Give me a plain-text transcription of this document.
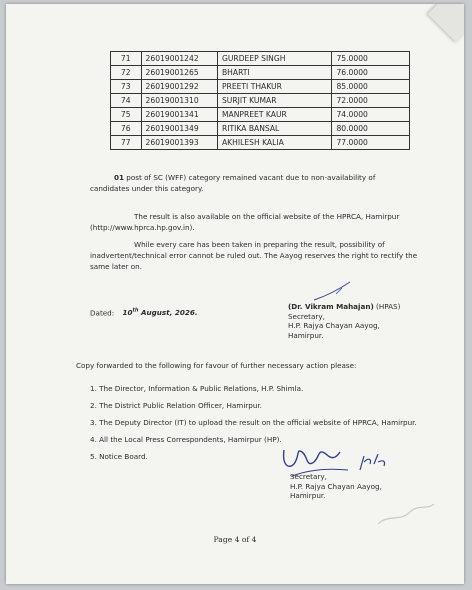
71	26019001242	GURDEEP SINGH	75.0000
72	26019001265	BHARTI	76.0000
73	26019001292	PREETI THAKUR	85.0000
74	26019001310	SURJIT KUMAR	72.0000
75	26019001341	MANPREET KAUR	74.0000
76	26019001349	RITIKA BANSAL	80.0000
77	26019001393	AKHILESH KALIA	77.0000

01 post of SC (WFF) category remained vacant due to non-availability of
candidates under this category.

The result is also available on the official website of the HPRCA, Hamirpur
(http://www.hprca.hp.gov.in).

While every care has been taken in preparing the result, possibility of
inadvertent/technical error cannot be ruled out. The Aayog reserves the right to rectify the
same later on.

Dated: 10th August, 2026.
(Dr. Vikram Mahajan) (HPAS)
Secretary,
H.P. Rajya Chayan Aayog,
Hamirpur.
Copy forwarded to the following for favour of further necessary action please:
1. The Director, Information & Public Relations, H.P. Shimla.
2. The District Public Relation Officer, Hamirpur.
3. The Deputy Director (IT) to upload the result on the official website of HPRCA, Hamirpur.
4. All the Local Press Correspondents, Hamirpur (HP).
5. Notice Board.
Secretary,
H.P. Rajya Chayan Aayog,
Hamirpur.
Page 4 of 4
